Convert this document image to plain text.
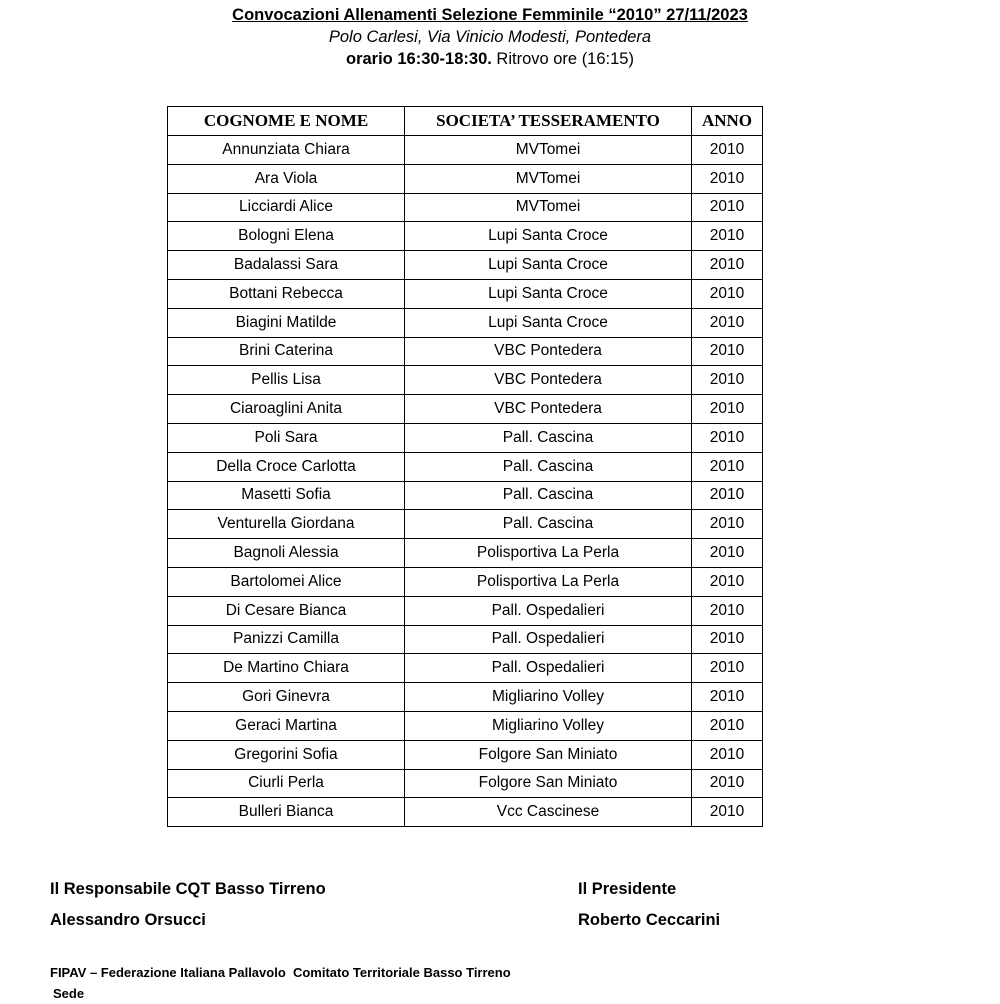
Convocazioni Allenamenti Selezione Femminile “2010” 27/11/2023
Polo Carlesi, Via Vinicio Modesti, Pontedera
orario 16:30-18:30. Ritrovo ore (16:15)
COGNOME E NOME	SOCIETA’ TESSERAMENTO	ANNO
Annunziata Chiara	MVTomei	2010
Ara Viola	MVTomei	2010
Licciardi Alice	MVTomei	2010
Bologni Elena	Lupi Santa Croce	2010
Badalassi Sara	Lupi Santa Croce	2010
Bottani Rebecca	Lupi Santa Croce	2010
Biagini Matilde	Lupi Santa Croce	2010
Brini Caterina	VBC Pontedera	2010
Pellis Lisa	VBC Pontedera	2010
Ciaroaglini Anita	VBC Pontedera	2010
Poli Sara	Pall. Cascina	2010
Della Croce Carlotta	Pall. Cascina	2010
Masetti Sofia	Pall. Cascina	2010
Venturella Giordana	Pall. Cascina	2010
Bagnoli Alessia	Polisportiva La Perla	2010
Bartolomei Alice	Polisportiva La Perla	2010
Di Cesare Bianca	Pall. Ospedalieri	2010
Panizzi Camilla	Pall. Ospedalieri	2010
De Martino Chiara	Pall. Ospedalieri	2010
Gori Ginevra	Migliarino Volley	2010
Geraci Martina	Migliarino Volley	2010
Gregorini Sofia	Folgore San Miniato	2010
Ciurli Perla	Folgore San Miniato	2010
Bulleri Bianca	Vcc Cascinese	2010
Il Responsabile CQT Basso Tirreno
Alessandro Orsucci
Il Presidente
Roberto Ceccarini
FIPAV – Federazione Italiana Pallavolo  Comitato Territoriale Basso Tirreno
Sede
